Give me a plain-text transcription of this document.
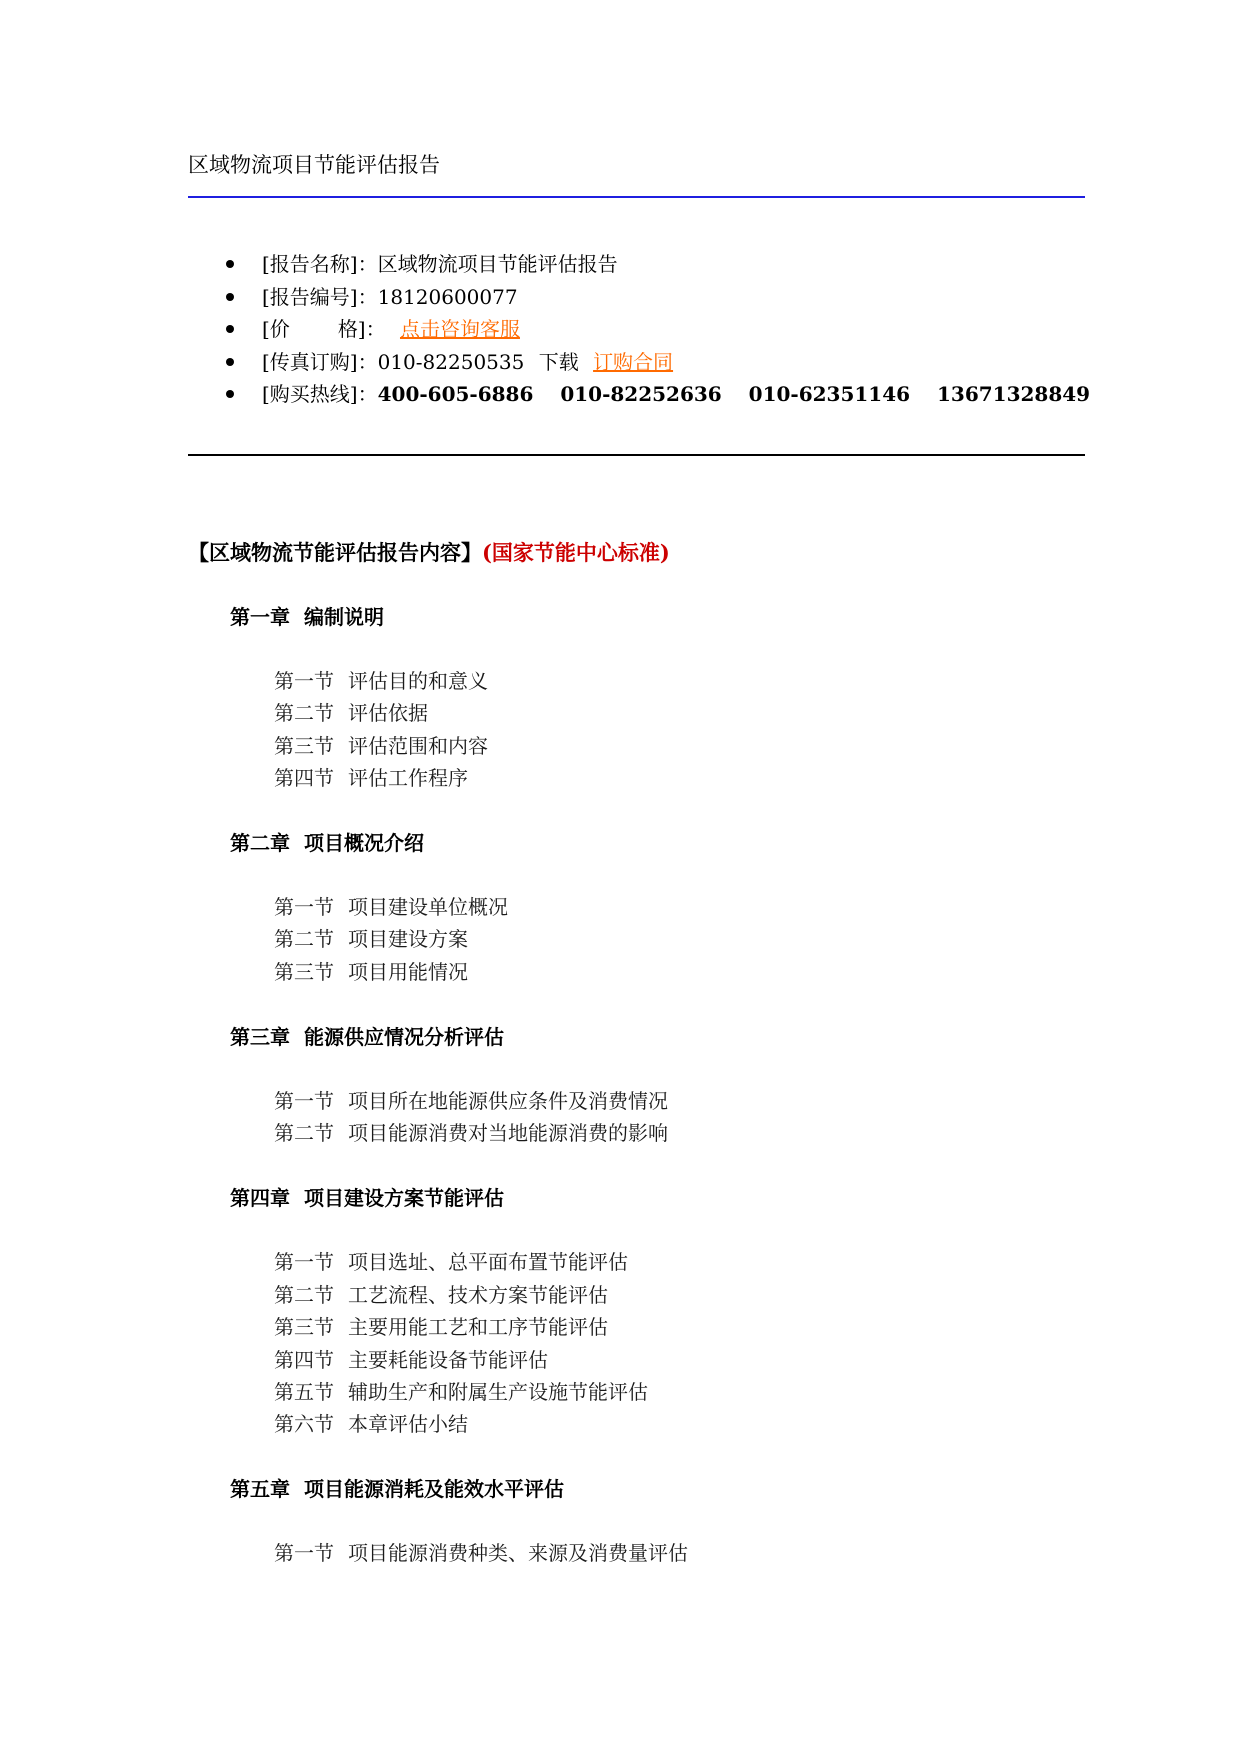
区域物流项目节能评估报告
[报告名称]：区域物流项目节能评估报告
[报告编号]：18120600077
[价 格]： 点击咨询客服
[传真订购]：010-82250535 下载 订购合同
[购买热线]：400-605-6886　 010-82252636　 010-62351146　 13671328849
【区域物流节能评估报告内容】(国家节能中心标准)
第一章 编制说明
第一节 评估目的和意义
第二节 评估依据
第三节 评估范围和内容
第四节 评估工作程序
第二章 项目概况介绍
第一节 项目建设单位概况
第二节 项目建设方案
第三节 项目用能情况
第三章 能源供应情况分析评估
第一节 项目所在地能源供应条件及消费情况
第二节 项目能源消费对当地能源消费的影响
第四章 项目建设方案节能评估
第一节 项目选址、总平面布置节能评估
第二节 工艺流程、技术方案节能评估
第三节 主要用能工艺和工序节能评估
第四节 主要耗能设备节能评估
第五节 辅助生产和附属生产设施节能评估
第六节 本章评估小结
第五章 项目能源消耗及能效水平评估
第一节 项目能源消费种类、来源及消费量评估
